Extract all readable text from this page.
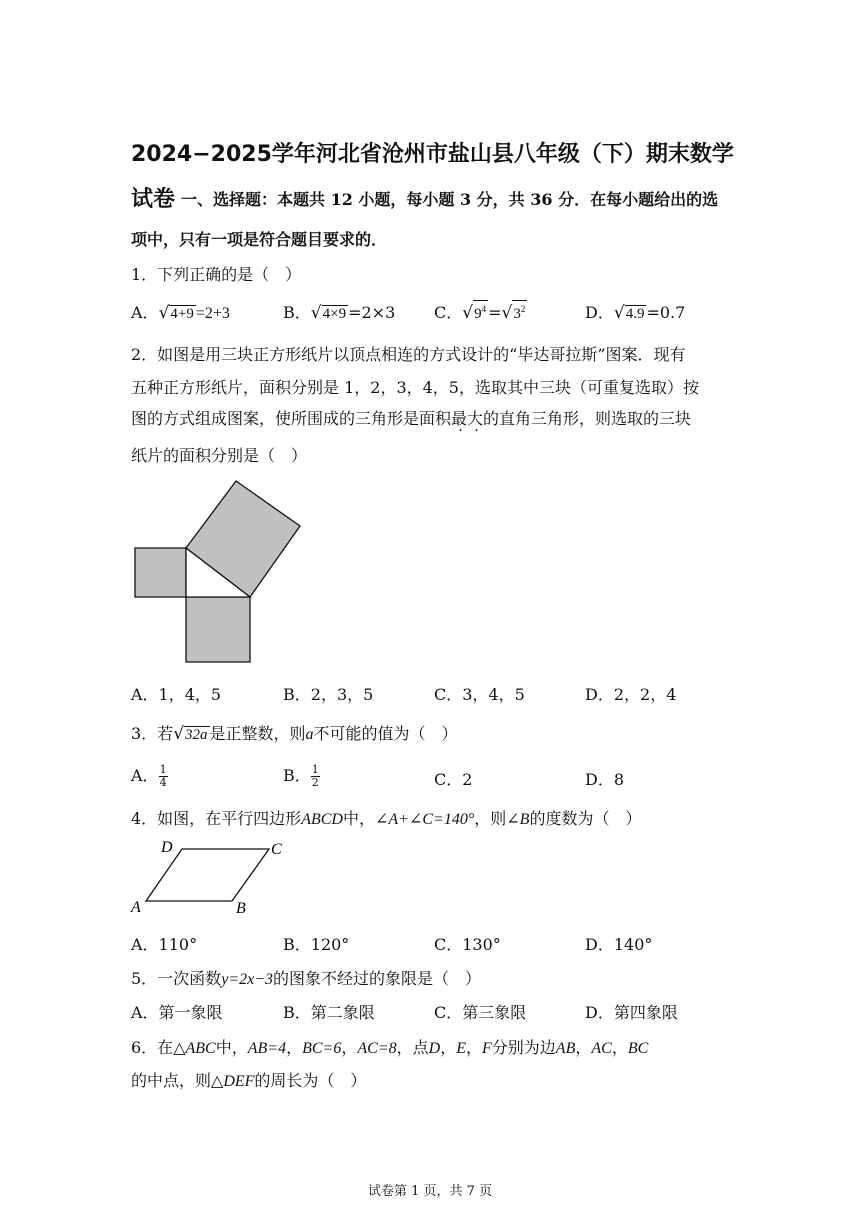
2024−2025学年河北省沧州市盐山县八年级（下）期末数学
试卷 一、选择题：本题共 12 小题，每小题 3 分，共 36 分．在每小题给出的选
项中，只有一项是符合题目要求的．
1．下列正确的是（　）
A．√4+9 =2+3	B．√4×9 =2×3 C．$√9^4 =√3^2$	D．√4.9 =0.7
2．如图是用三块正方形纸片以顶点相连的方式设计的“毕达哥拉斯”图案．现有
五种正方形纸片，面积分别是 1，2，3，4，5，选取其中三块（可重复选取）按
图的方式组成图案，使所围成的三角形是面积最大的直角三角形，则选取的三块
纸片的面积分别是（　）
A．1，4，5	B．2，3，5	C．3，4，5	D．2，2，4
3．若√32a 是正整数，则a不可能的值为（　）
A． $\frac{1}{4}$	B． $\frac{1}{2}$	C．2	D．8
4．如图，在平行四边形ABCD中，∠A+∠C=140°，则∠B的度数为（　）
D	C
A	B
A．110°	B．120°	C．130°	D．140°
5．一次函数y=2x−3的图象不经过的象限是（　）
A．第一象限	B．第二象限	C．第三象限	D．第四象限
6．在△ABC中，AB=4，BC=6，AC=8，点D，E，F分别为边AB，AC，BC
的中点，则△DEF的周长为（　）
试卷第 1 页，共 7 页
